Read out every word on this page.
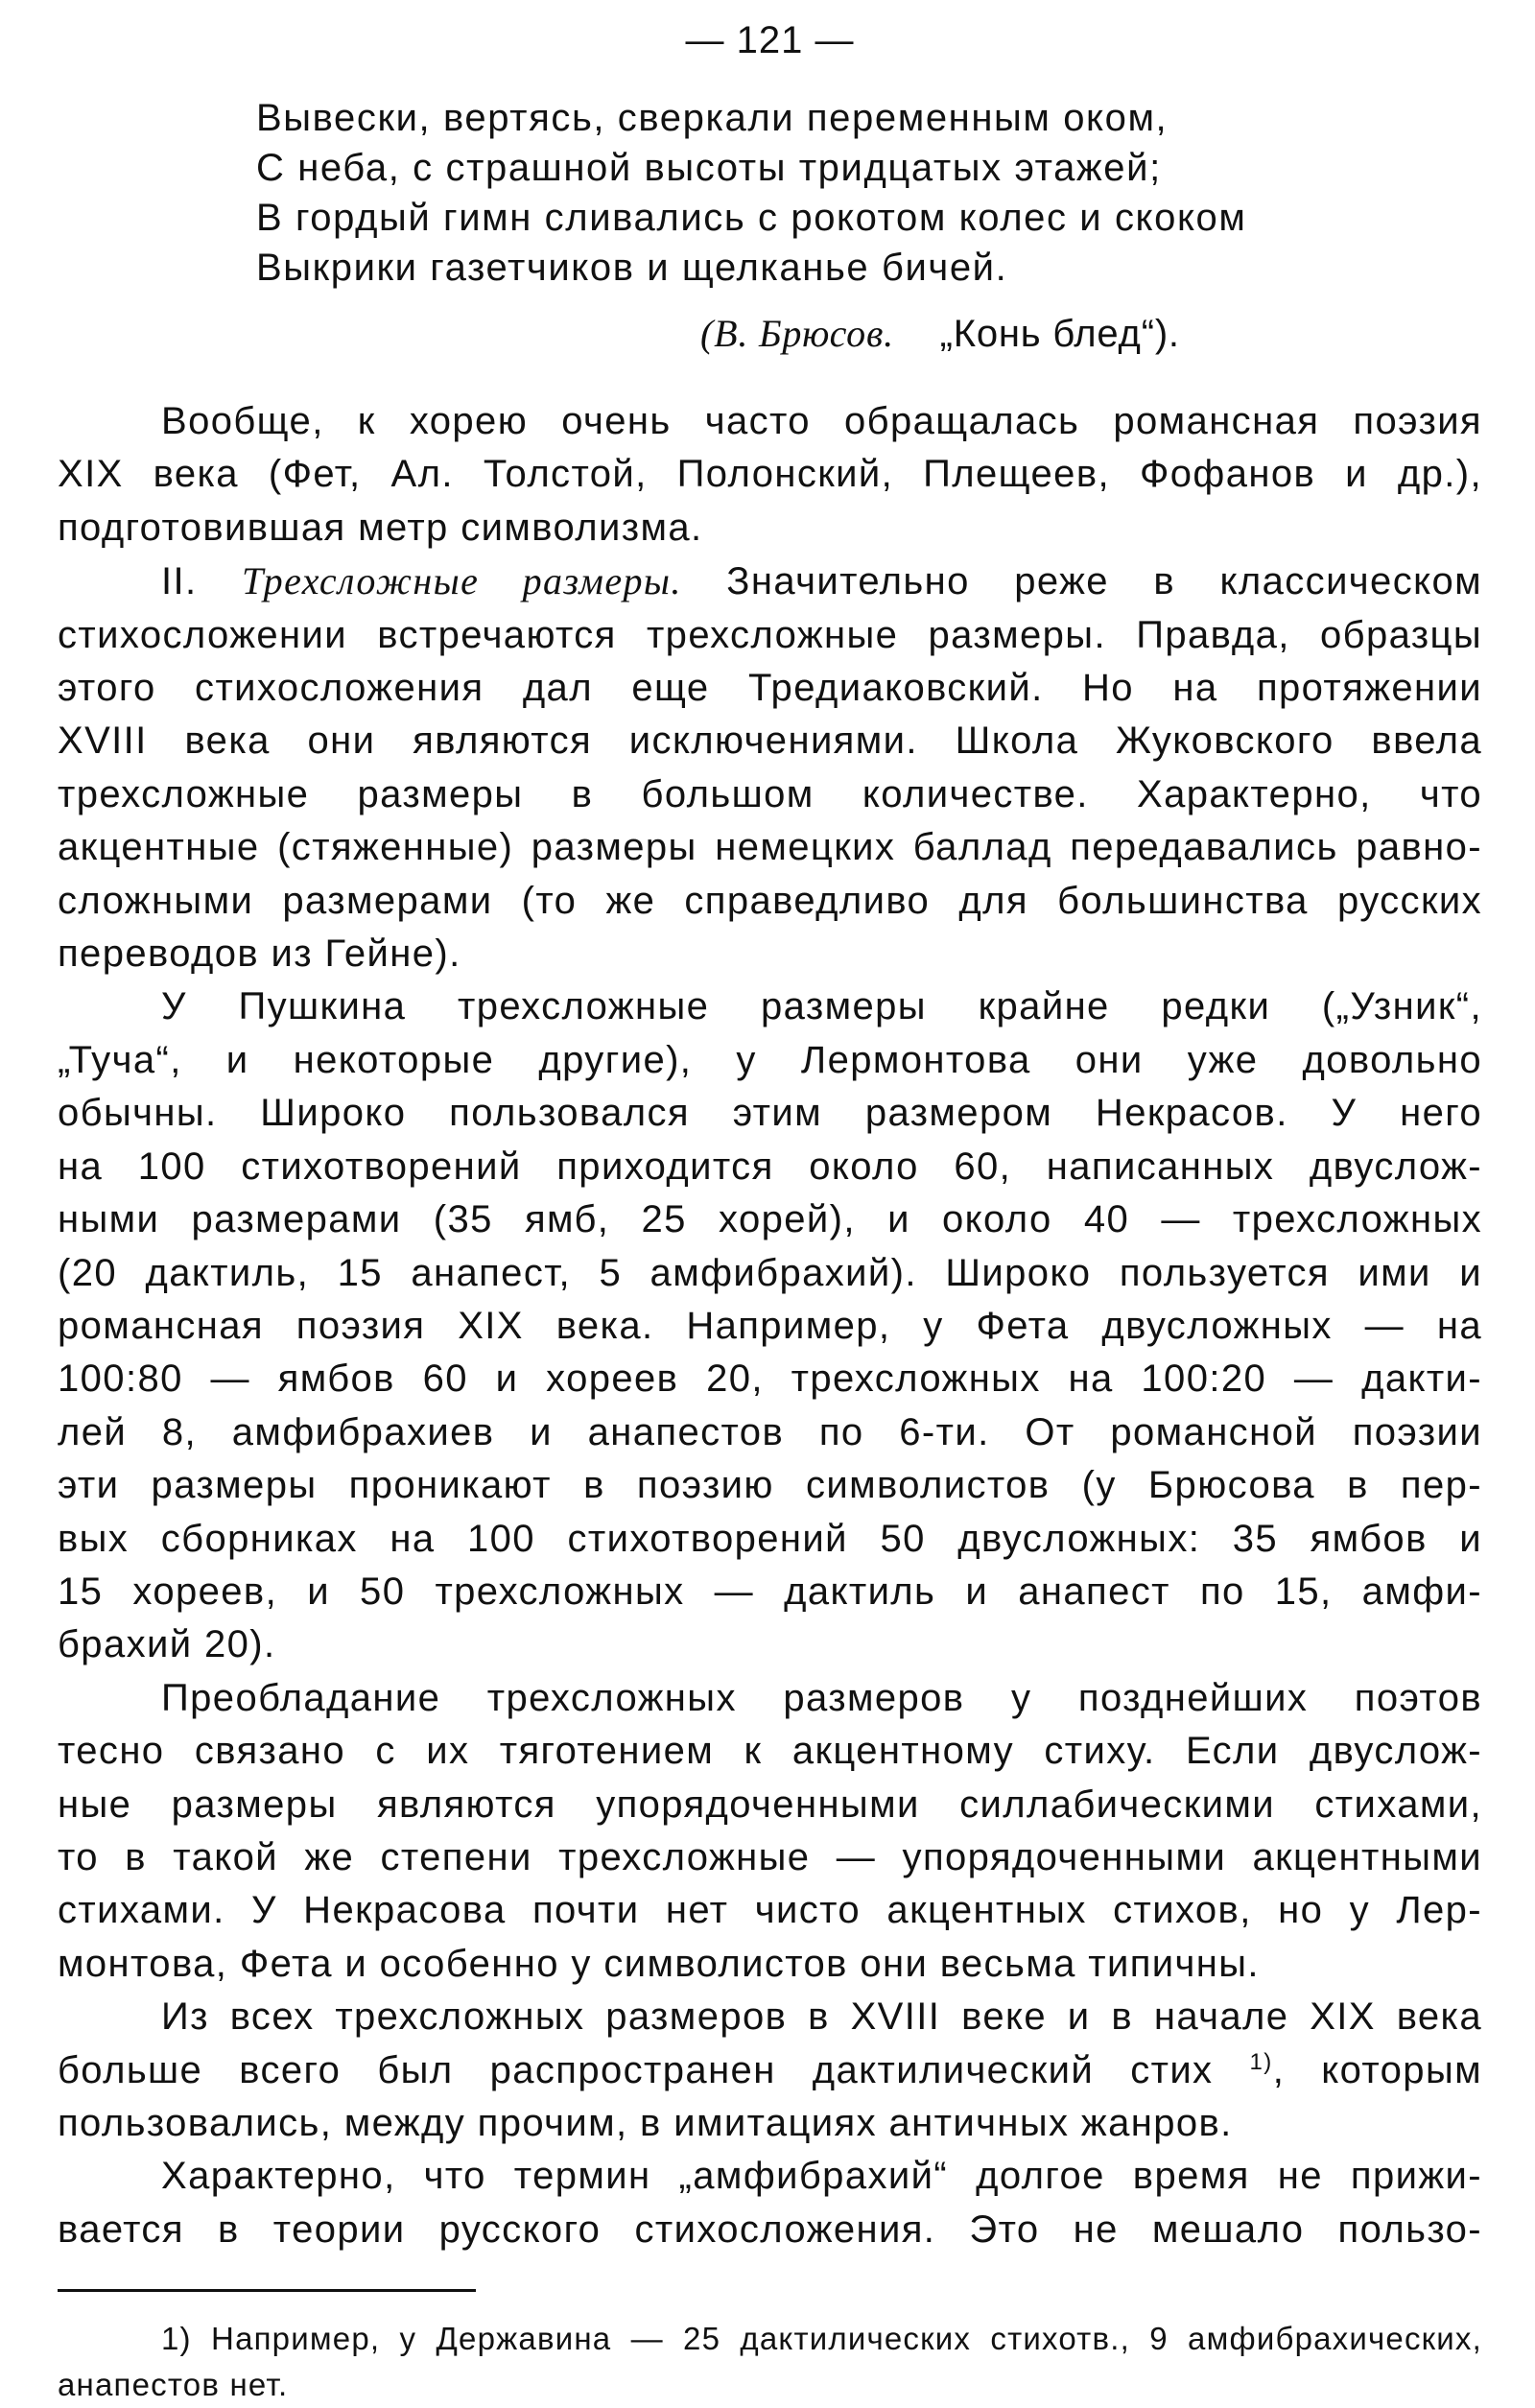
— 121 —
Вывески, вертясь, сверкали переменным оком,
С неба, с страшной высоты тридцатых этажей;
В гордый гимн сливались с рокотом колес и скоком
Выкрики газетчиков и щелканье бичей.
(В. Брюсов. „Конь блед“).
Вообще, к хорею очень часто обращалась романсная поэзия
XIX века (Фет, Ал. Толстой, Полонский, Плещеев, Фофанов и др.),
подготовившая метр символизма.
II. Трехсложные размеры. Значительно реже в классическом
стихосложении встречаются трехсложные размеры. Правда, образцы
этого стихосложения дал еще Тредиаковский. Но на протяжении
XVIII века они являются исключениями. Школа Жуковского ввела
трехсложные размеры в большом количестве. Характерно, что
акцентные (стяженные) размеры немецких баллад передавались равно-
сложными размерами (то же справедливо для большинства русских
переводов из Гейне).
У Пушкина трехсложные размеры крайне редки („Узник“,
„Туча“, и некоторые другие), у Лермонтова они уже довольно
обычны. Широко пользовался этим размером Некрасов. У него
на 100 стихотворений приходится около 60, написанных двуслож-
ными размерами (35 ямб, 25 хорей), и около 40 — трехсложных
(20 дактиль, 15 анапест, 5 амфибрахий). Широко пользуется ими и
романсная поэзия XIX века. Например, у Фета двусложных — на
100:80 — ямбов 60 и хореев 20, трехсложных на 100:20 — дакти-
лей 8, амфибрахиев и анапестов по 6-ти. От романсной поэзии
эти размеры проникают в поэзию символистов (у Брюсова в пер-
вых сборниках на 100 стихотворений 50 двусложных: 35 ямбов и
15 хореев, и 50 трехсложных — дактиль и анапест по 15, амфи-
брахий 20).
Преобладание трехсложных размеров у позднейших поэтов
тесно связано с их тяготением к акцентному стиху. Если двуслож-
ные размеры являются упорядоченными силлабическими стихами,
то в такой же степени трехсложные — упорядоченными акцентными
стихами. У Некрасова почти нет чисто акцентных стихов, но у Лер-
монтова, Фета и особенно у символистов они весьма типичны.
Из всех трехсложных размеров в XVIII веке и в начале XIX века
больше всего был распространен дактилический стих $^{1)}$, которым
пользовались, между прочим, в имитациях античных жанров.
Характерно, что термин „амфибрахий“ долгое время не прижи-
вается в теории русского стихосложения. Это не мешало пользо-
1) Например, у Державина — 25 дактилических стихотв., 9 амфибрахических,
анапестов нет.
